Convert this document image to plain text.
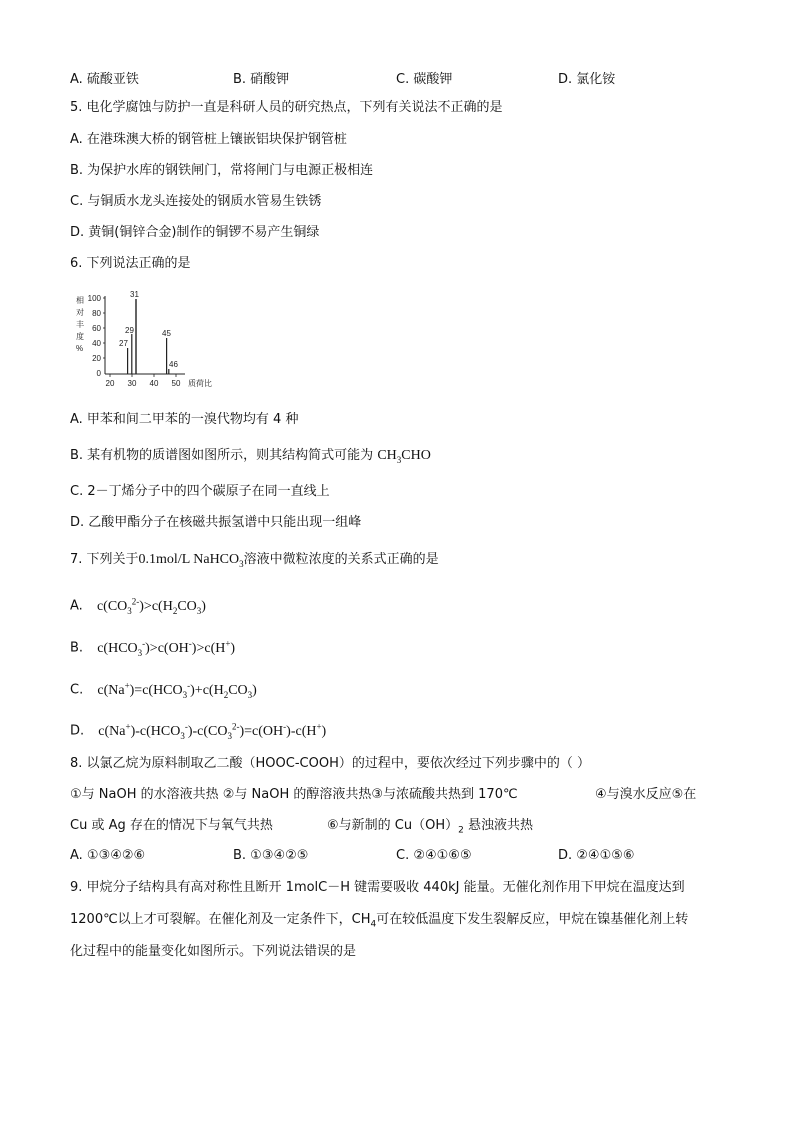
A. 硫酸亚铁	B. 硝酸钾	C. 碳酸钾	D. 氯化铵
5. 电化学腐蚀与防护一直是科研人员的研究热点，下列有关说法不正确的是
A. 在港珠澳大桥的钢管桩上镶嵌铝块保护钢管桩
B. 为保护水库的钢铁闸门，常将闸门与电源正极相连
C. 与铜质水龙头连接处的钢质水管易生铁锈
D. 黄铜(铜锌合金)制作的铜锣不易产生铜绿
6. 下列说法正确的是
相
对
丰
度
%
100
80
60
40
20
0
27
29
31
45
46
20 30 40 50 质荷比
A. 甲苯和间二甲苯的一溴代物均有 4 种
B. 某有机物的质谱图如图所示，则其结构简式可能为 $CH_3CHO$
C. 2－丁烯分子中的四个碳原子在同一直线上
D. 乙酸甲酯分子在核磁共振氢谱中只能出现一组峰
7. 下列关于0.1mol/L NaHCO$_3$溶液中微粒浓度的关系式正确的是
A. $c(CO_3^{2-})>c(H_2CO_3)$
B. $c(HCO_3^-)>c(OH^-)>c(H^+)$
C. $c(Na^+)=c(HCO_3^-)+c(H_2CO_3)$
D. $c(Na^+)-c(HCO_3^-)-c(CO_3^{2-})=c(OH^-)-c(H^+)$
8. 以氯乙烷为原料制取乙二酸（HOOC-COOH）的过程中，要依次经过下列步骤中的（ ）
①与 NaOH 的水溶液共热 ②与 NaOH 的醇溶液共热③与浓硫酸共热到 170℃	④与溴水反应⑤在
Cu 或 Ag 存在的情况下与氧气共热	⑥与新制的 $Cu(OH)_2$ 悬浊液共热
A. ①③④②⑥	B. ①③④②⑤	C. ②④①⑥⑤	D. ②④①⑤⑥
9. 甲烷分子结构具有高对称性且断开 1molC－H 键需要吸收 440kJ 能量。无催化剂作用下甲烷在温度达到
1200℃以上才可裂解。在催化剂及一定条件下，$CH_4$可在较低温度下发生裂解反应，甲烷在镍基催化剂上转
化过程中的能量变化如图所示。下列说法错误的是
